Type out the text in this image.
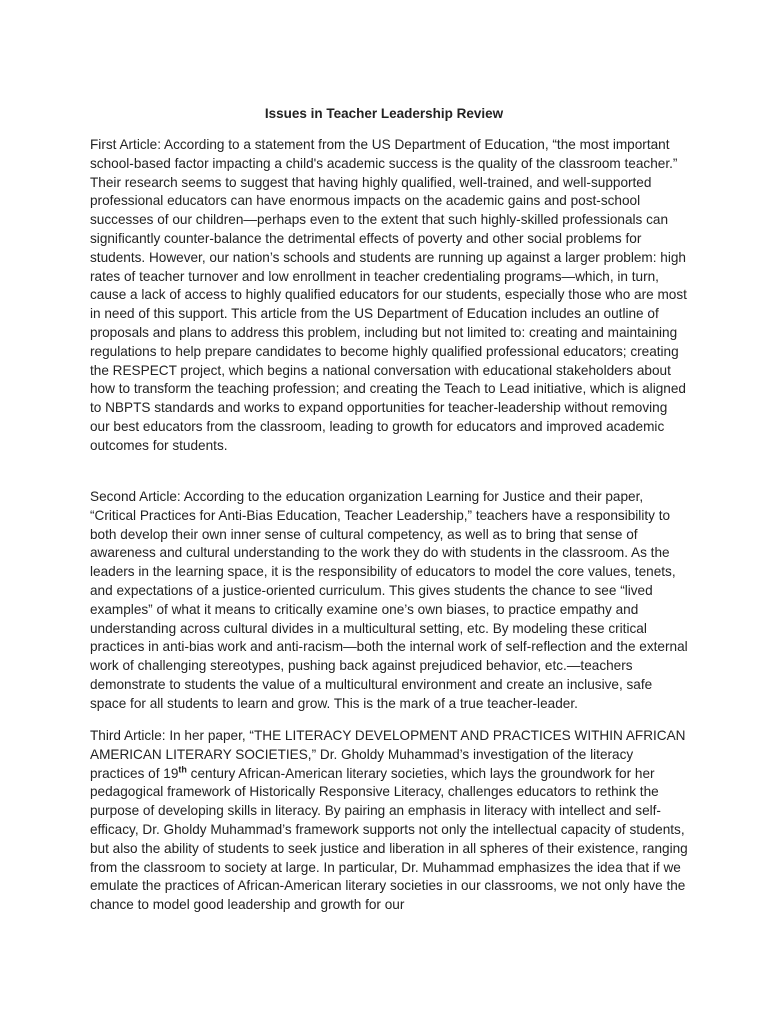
Issues in Teacher Leadership Review

First Article: According to a statement from the US Department of Education, “the most important school-based factor impacting a child's academic success is the quality of the classroom teacher.” Their research seems to suggest that having highly qualified, well-trained, and well-supported professional educators can have enormous impacts on the academic gains and post-school successes of our children—perhaps even to the extent that such highly-skilled professionals can significantly counter-balance the detrimental effects of poverty and other social problems for students. However, our nation’s schools and students are running up against a larger problem: high rates of teacher turnover and low enrollment in teacher credentialing programs—which, in turn, cause a lack of access to highly qualified educators for our students, especially those who are most in need of this support. This article from the US Department of Education includes an outline of proposals and plans to address this problem, including but not limited to: creating and maintaining regulations to help prepare candidates to become highly qualified professional educators; creating the RESPECT project, which begins a national conversation with educational stakeholders about how to transform the teaching profession; and creating the Teach to Lead initiative, which is aligned to NBPTS standards and works to expand opportunities for teacher-leadership without removing our best educators from the classroom, leading to growth for educators and improved academic outcomes for students.

Second Article: According to the education organization Learning for Justice and their paper, “Critical Practices for Anti-Bias Education, Teacher Leadership,” teachers have a responsibility to both develop their own inner sense of cultural competency, as well as to bring that sense of awareness and cultural understanding to the work they do with students in the classroom. As the leaders in the learning space, it is the responsibility of educators to model the core values, tenets, and expectations of a justice-oriented curriculum. This gives students the chance to see “lived examples” of what it means to critically examine one’s own biases, to practice empathy and understanding across cultural divides in a multicultural setting, etc. By modeling these critical practices in anti-bias work and anti-racism—both the internal work of self-reflection and the external work of challenging stereotypes, pushing back against prejudiced behavior, etc.—teachers demonstrate to students the value of a multicultural environment and create an inclusive, safe space for all students to learn and grow. This is the mark of a true teacher-leader.

Third Article: In her paper, “THE LITERACY DEVELOPMENT AND PRACTICES WITHIN AFRICAN AMERICAN LITERARY SOCIETIES,” Dr. Gholdy Muhammad’s investigation of the literacy practices of 19th century African-American literary societies, which lays the groundwork for her pedagogical framework of Historically Responsive Literacy, challenges educators to rethink the purpose of developing skills in literacy. By pairing an emphasis in literacy with intellect and self-efficacy, Dr. Gholdy Muhammad’s framework supports not only the intellectual capacity of students, but also the ability of students to seek justice and liberation in all spheres of their existence, ranging from the classroom to society at large. In particular, Dr. Muhammad emphasizes the idea that if we emulate the practices of African-American literary societies in our classrooms, we not only have the chance to model good leadership and growth for our
